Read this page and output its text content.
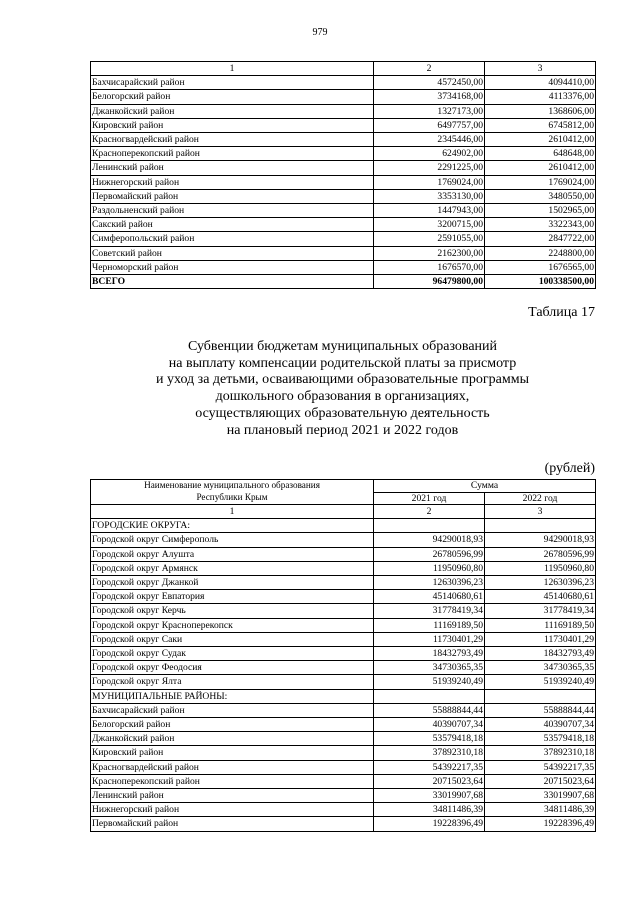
979
1	2	3
Бахчисарайский район	4572450,00	4094410,00
Белогорский район	3734168,00	4113376,00
Джанкойский район	1327173,00	1368606,00
Кировский район	6497757,00	6745812,00
Красногвардейский район	2345446,00	2610412,00
Красноперекопский район	624902,00	648648,00
Ленинский район	2291225,00	2610412,00
Нижнегорский район	1769024,00	1769024,00
Первомайский район	3353130,00	3480550,00
Раздольненский район	1447943,00	1502965,00
Сакский район	3200715,00	3322343,00
Симферопольский район	2591055,00	2847722,00
Советский район	2162300,00	2248800,00
Черноморский район	1676570,00	1676565,00
ВСЕГО	96479800,00	100338500,00
Таблица 17
Субвенции бюджетам муниципальных образований
на выплату компенсации родительской платы за присмотр
и уход за детьми, осваивающими образовательные программы
дошкольного образования в организациях,
осуществляющих образовательную деятельность
на плановый период 2021 и 2022 годов
(рублей)
Наименование муниципального образования
Республики Крым	Сумма	
	2021 год	2022 год
1	2	3
ГОРОДСКИЕ ОКРУГА:		
Городской округ Симферополь	94290018,93	94290018,93
Городской округ Алушта	26780596,99	26780596,99
Городской округ Армянск	11950960,80	11950960,80
Городской округ Джанкой	12630396,23	12630396,23
Городской округ Евпатория	45140680,61	45140680,61
Городской округ Керчь	31778419,34	31778419,34
Городской округ Красноперекопск	11169189,50	11169189,50
Городской округ Саки	11730401,29	11730401,29
Городской округ Судак	18432793,49	18432793,49
Городской округ Феодосия	34730365,35	34730365,35
Городской округ Ялта	51939240,49	51939240,49
МУНИЦИПАЛЬНЫЕ РАЙОНЫ:		
Бахчисарайский район	55888844,44	55888844,44
Белогорский район	40390707,34	40390707,34
Джанкойский район	53579418,18	53579418,18
Кировский район	37892310,18	37892310,18
Красногвардейский район	54392217,35	54392217,35
Красноперекопский район	20715023,64	20715023,64
Ленинский район	33019907,68	33019907,68
Нижнегорский район	34811486,39	34811486,39
Первомайский район	19228396,49	19228396,49
